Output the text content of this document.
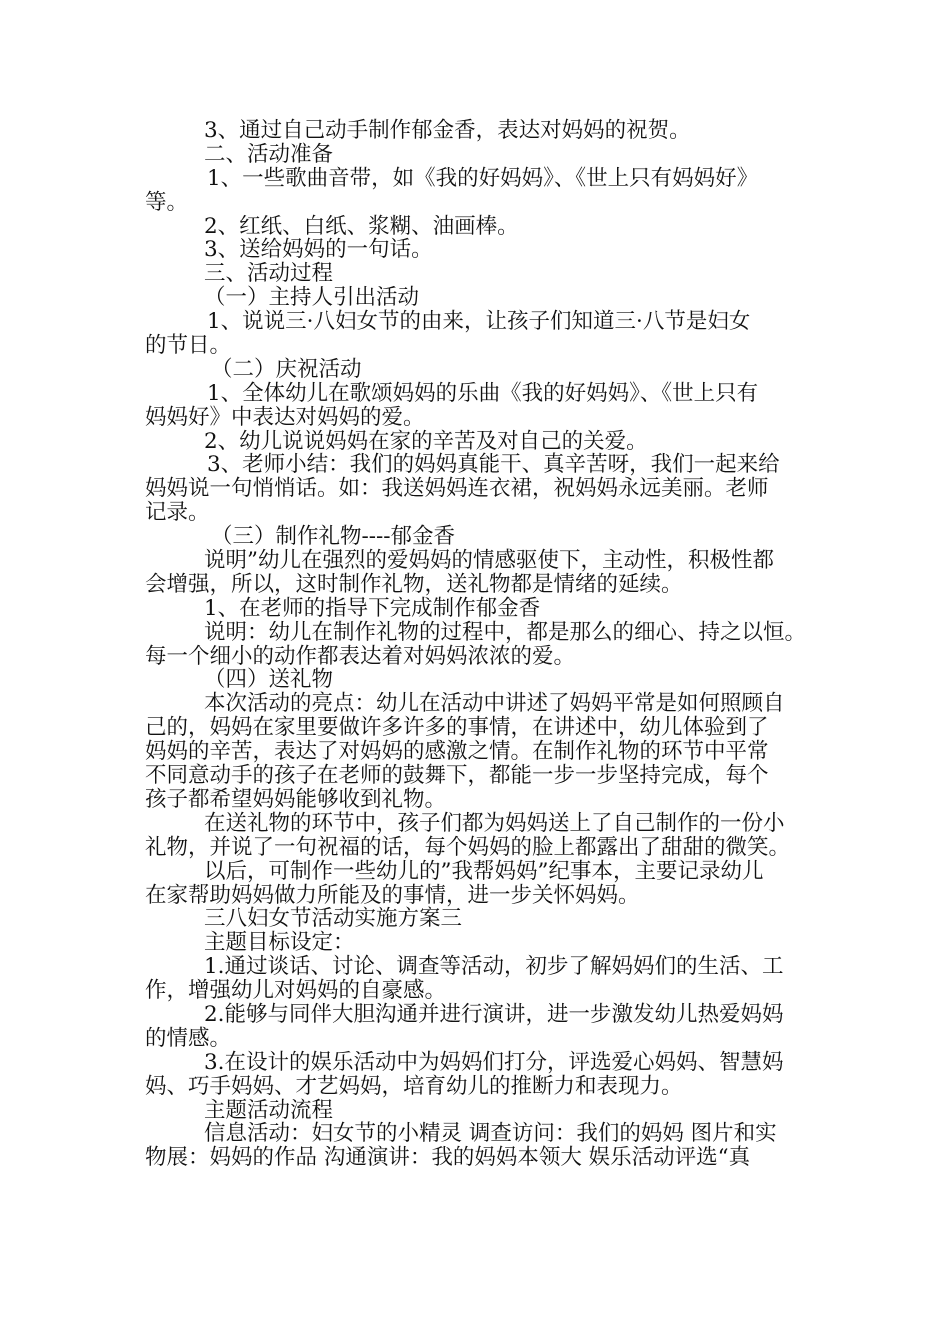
3、通过自己动手制作郁金香，表达对妈妈的祝贺。
二、活动准备
1、一些歌曲音带，如《我的好妈妈》、《世上只有妈妈好》
等。
2、红纸、白纸、浆糊、油画棒。
3、送给妈妈的一句话。
三、活动过程
（一）主持人引出活动
1、说说三·八妇女节的由来，让孩子们知道三·八节是妇女
的节日。
（二）庆祝活动
1、全体幼儿在歌颂妈妈的乐曲《我的好妈妈》、《世上只有
妈妈好》中表达对妈妈的爱。
2、幼儿说说妈妈在家的辛苦及对自己的关爱。
3、老师小结：我们的妈妈真能干、真辛苦呀，我们一起来给
妈妈说一句悄悄话。如：我送妈妈连衣裙，祝妈妈永远美丽。老师
记录。
（三）制作礼物----郁金香
说明”幼儿在强烈的爱妈妈的情感驱使下，主动性，积极性都
会增强，所以，这时制作礼物，送礼物都是情绪的延续。
1、在老师的指导下完成制作郁金香
说明：幼儿在制作礼物的过程中，都是那么的细心、持之以恒。
每一个细小的动作都表达着对妈妈浓浓的爱。
（四）送礼物
本次活动的亮点：幼儿在活动中讲述了妈妈平常是如何照顾自
己的，妈妈在家里要做许多许多的事情，在讲述中，幼儿体验到了
妈妈的辛苦，表达了对妈妈的感激之情。在制作礼物的环节中平常
不同意动手的孩子在老师的鼓舞下，都能一步一步坚持完成，每个
孩子都希望妈妈能够收到礼物。
在送礼物的环节中，孩子们都为妈妈送上了自己制作的一份小
礼物，并说了一句祝福的话，每个妈妈的脸上都露出了甜甜的微笑。
以后，可制作一些幼儿的”我帮妈妈”纪事本，主要记录幼儿
在家帮助妈妈做力所能及的事情，进一步关怀妈妈。
三八妇女节活动实施方案三
主题目标设定：
1.通过谈话、讨论、调查等活动，初步了解妈妈们的生活、工
作，增强幼儿对妈妈的自豪感。
2.能够与同伴大胆沟通并进行演讲，进一步激发幼儿热爱妈妈
的情感。
3.在设计的娱乐活动中为妈妈们打分，评选爱心妈妈、智慧妈
妈、巧手妈妈、才艺妈妈，培育幼儿的推断力和表现力。
主题活动流程
信息活动：妇女节的小精灵 调查访问：我们的妈妈 图片和实
物展：妈妈的作品 沟通演讲：我的妈妈本领大 娱乐活动评选“真
